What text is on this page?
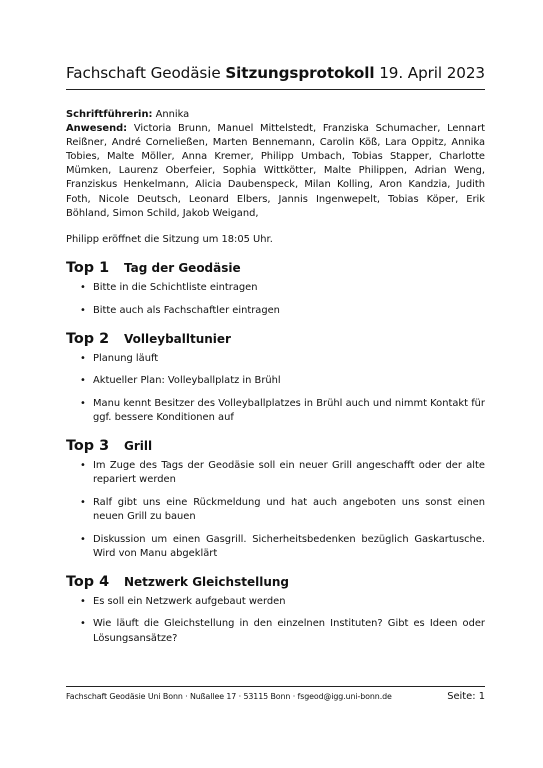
Fachschaft Geodäsie Sitzungsprotokoll 19. April 2023
Schriftführerin: Annika
Anwesend: Victoria Brunn, Manuel Mittelstedt, Franziska Schumacher, Lennart Reißner, André Corneließen, Marten Bennemann, Carolin Köß, Lara Oppitz, Annika Tobies, Malte Möller, Anna Kremer, Philipp Umbach, Tobias Stapper, Charlotte Mümken, Laurenz Oberfeier, Sophia Wittkötter, Malte Philippen, Adrian Weng, Franziskus Henkelmann, Alicia Daubenspeck, Milan Kolling, Aron Kandzia, Judith Foth, Nicole Deutsch, Leonard Elbers, Jannis Ingenwepelt, Tobias Köper, Erik Böhland, Simon Schild, Jakob Weigand,
Philipp eröffnet die Sitzung um 18:05 Uhr.
Top 1	Tag der Geodäsie
• Bitte in die Schichtliste eintragen
• Bitte auch als Fachschaftler eintragen
Top 2	Volleyballtunier
• Planung läuft
• Aktueller Plan: Volleyballplatz in Brühl
• Manu kennt Besitzer des Volleyballplatzes in Brühl auch und nimmt Kontakt für ggf. bessere Konditionen auf
Top 3	Grill
• Im Zuge des Tags der Geodäsie soll ein neuer Grill angeschafft oder der alte repariert werden
• Ralf gibt uns eine Rückmeldung und hat auch angeboten uns sonst einen neuen Grill zu bauen
• Diskussion um einen Gasgrill. Sicherheitsbedenken bezüglich Gaskartusche. Wird von Manu abgeklärt
Top 4	Netzwerk Gleichstellung
• Es soll ein Netzwerk aufgebaut werden
• Wie läuft die Gleichstellung in den einzelnen Instituten? Gibt es Ideen oder Lösungsansätze?
Fachschaft Geodäsie Uni Bonn · Nußallee 17 · 53115 Bonn · fsgeod@igg.uni-bonn.de	Seite: 1
